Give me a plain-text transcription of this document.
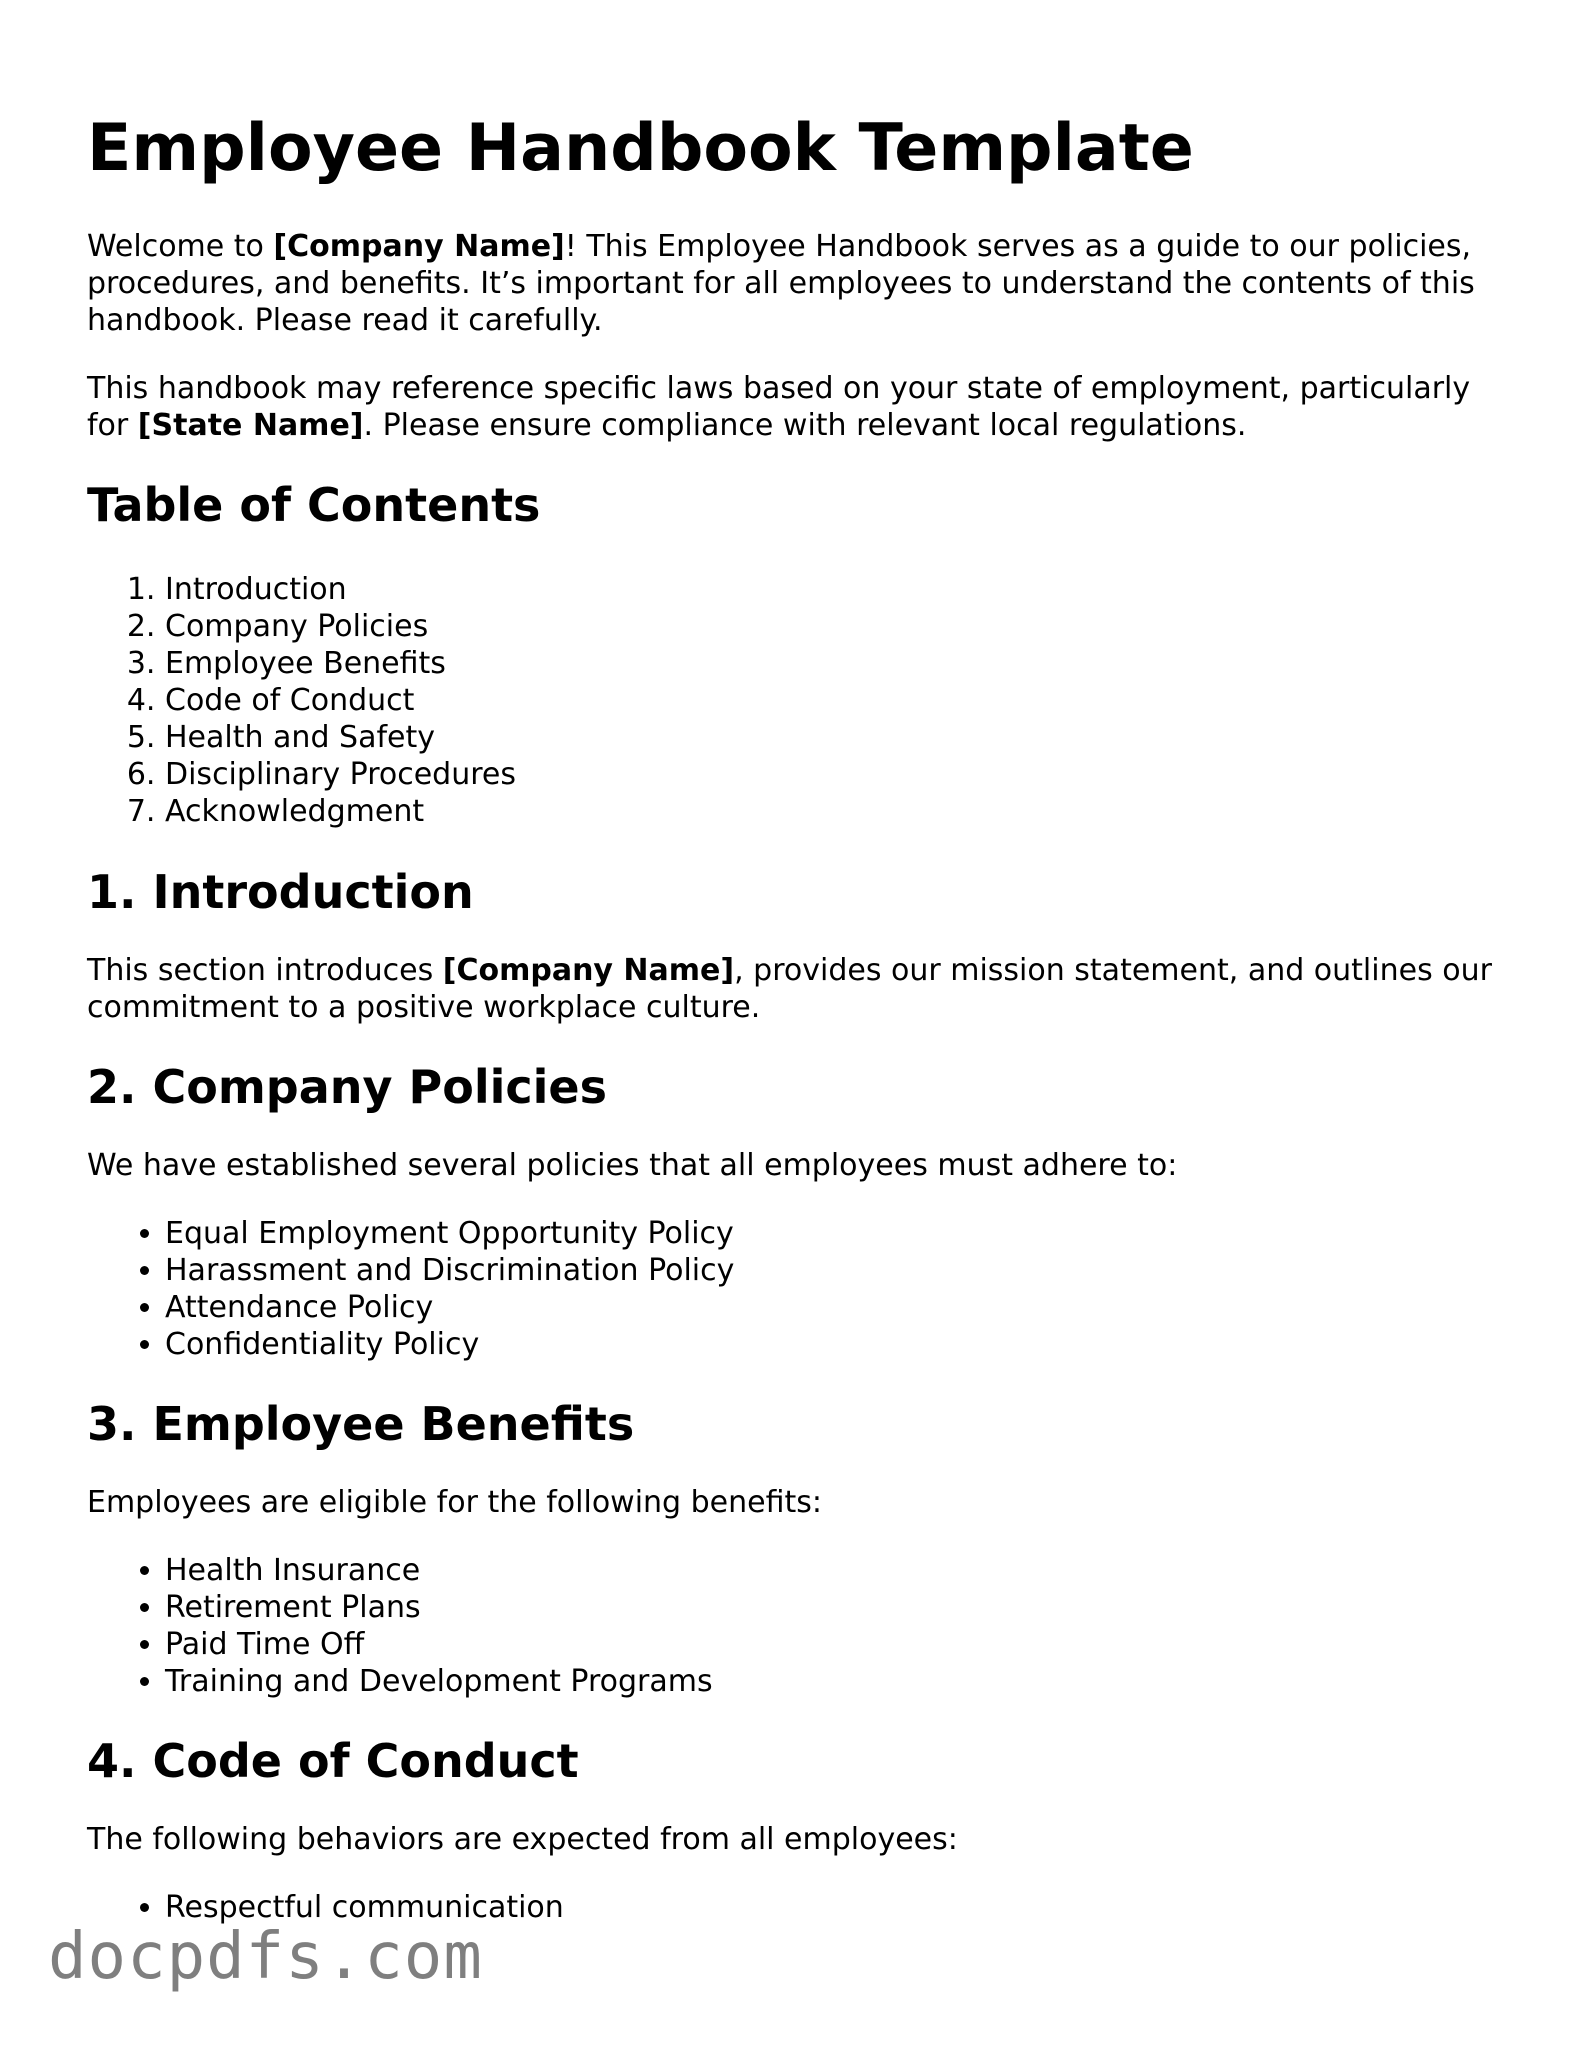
Employee Handbook Template

Welcome to [Company Name]! This Employee Handbook serves as a guide to our policies, procedures, and benefits. It’s important for all employees to understand the contents of this handbook. Please read it carefully.

This handbook may reference specific laws based on your state of employment, particularly for [State Name]. Please ensure compliance with relevant local regulations.

Table of Contents
1. Introduction
2. Company Policies
3. Employee Benefits
4. Code of Conduct
5. Health and Safety
6. Disciplinary Procedures
7. Acknowledgment
1. Introduction

This section introduces [Company Name], provides our mission statement, and outlines our commitment to a positive workplace culture.

2. Company Policies

We have established several policies that all employees must adhere to:

• Equal Employment Opportunity Policy
• Harassment and Discrimination Policy
• Attendance Policy
• Confidentiality Policy
3. Employee Benefits

Employees are eligible for the following benefits:

• Health Insurance
• Retirement Plans
• Paid Time Off
• Training and Development Programs
4. Code of Conduct

The following behaviors are expected from all employees:

• Respectful communication
docpdfs.com
